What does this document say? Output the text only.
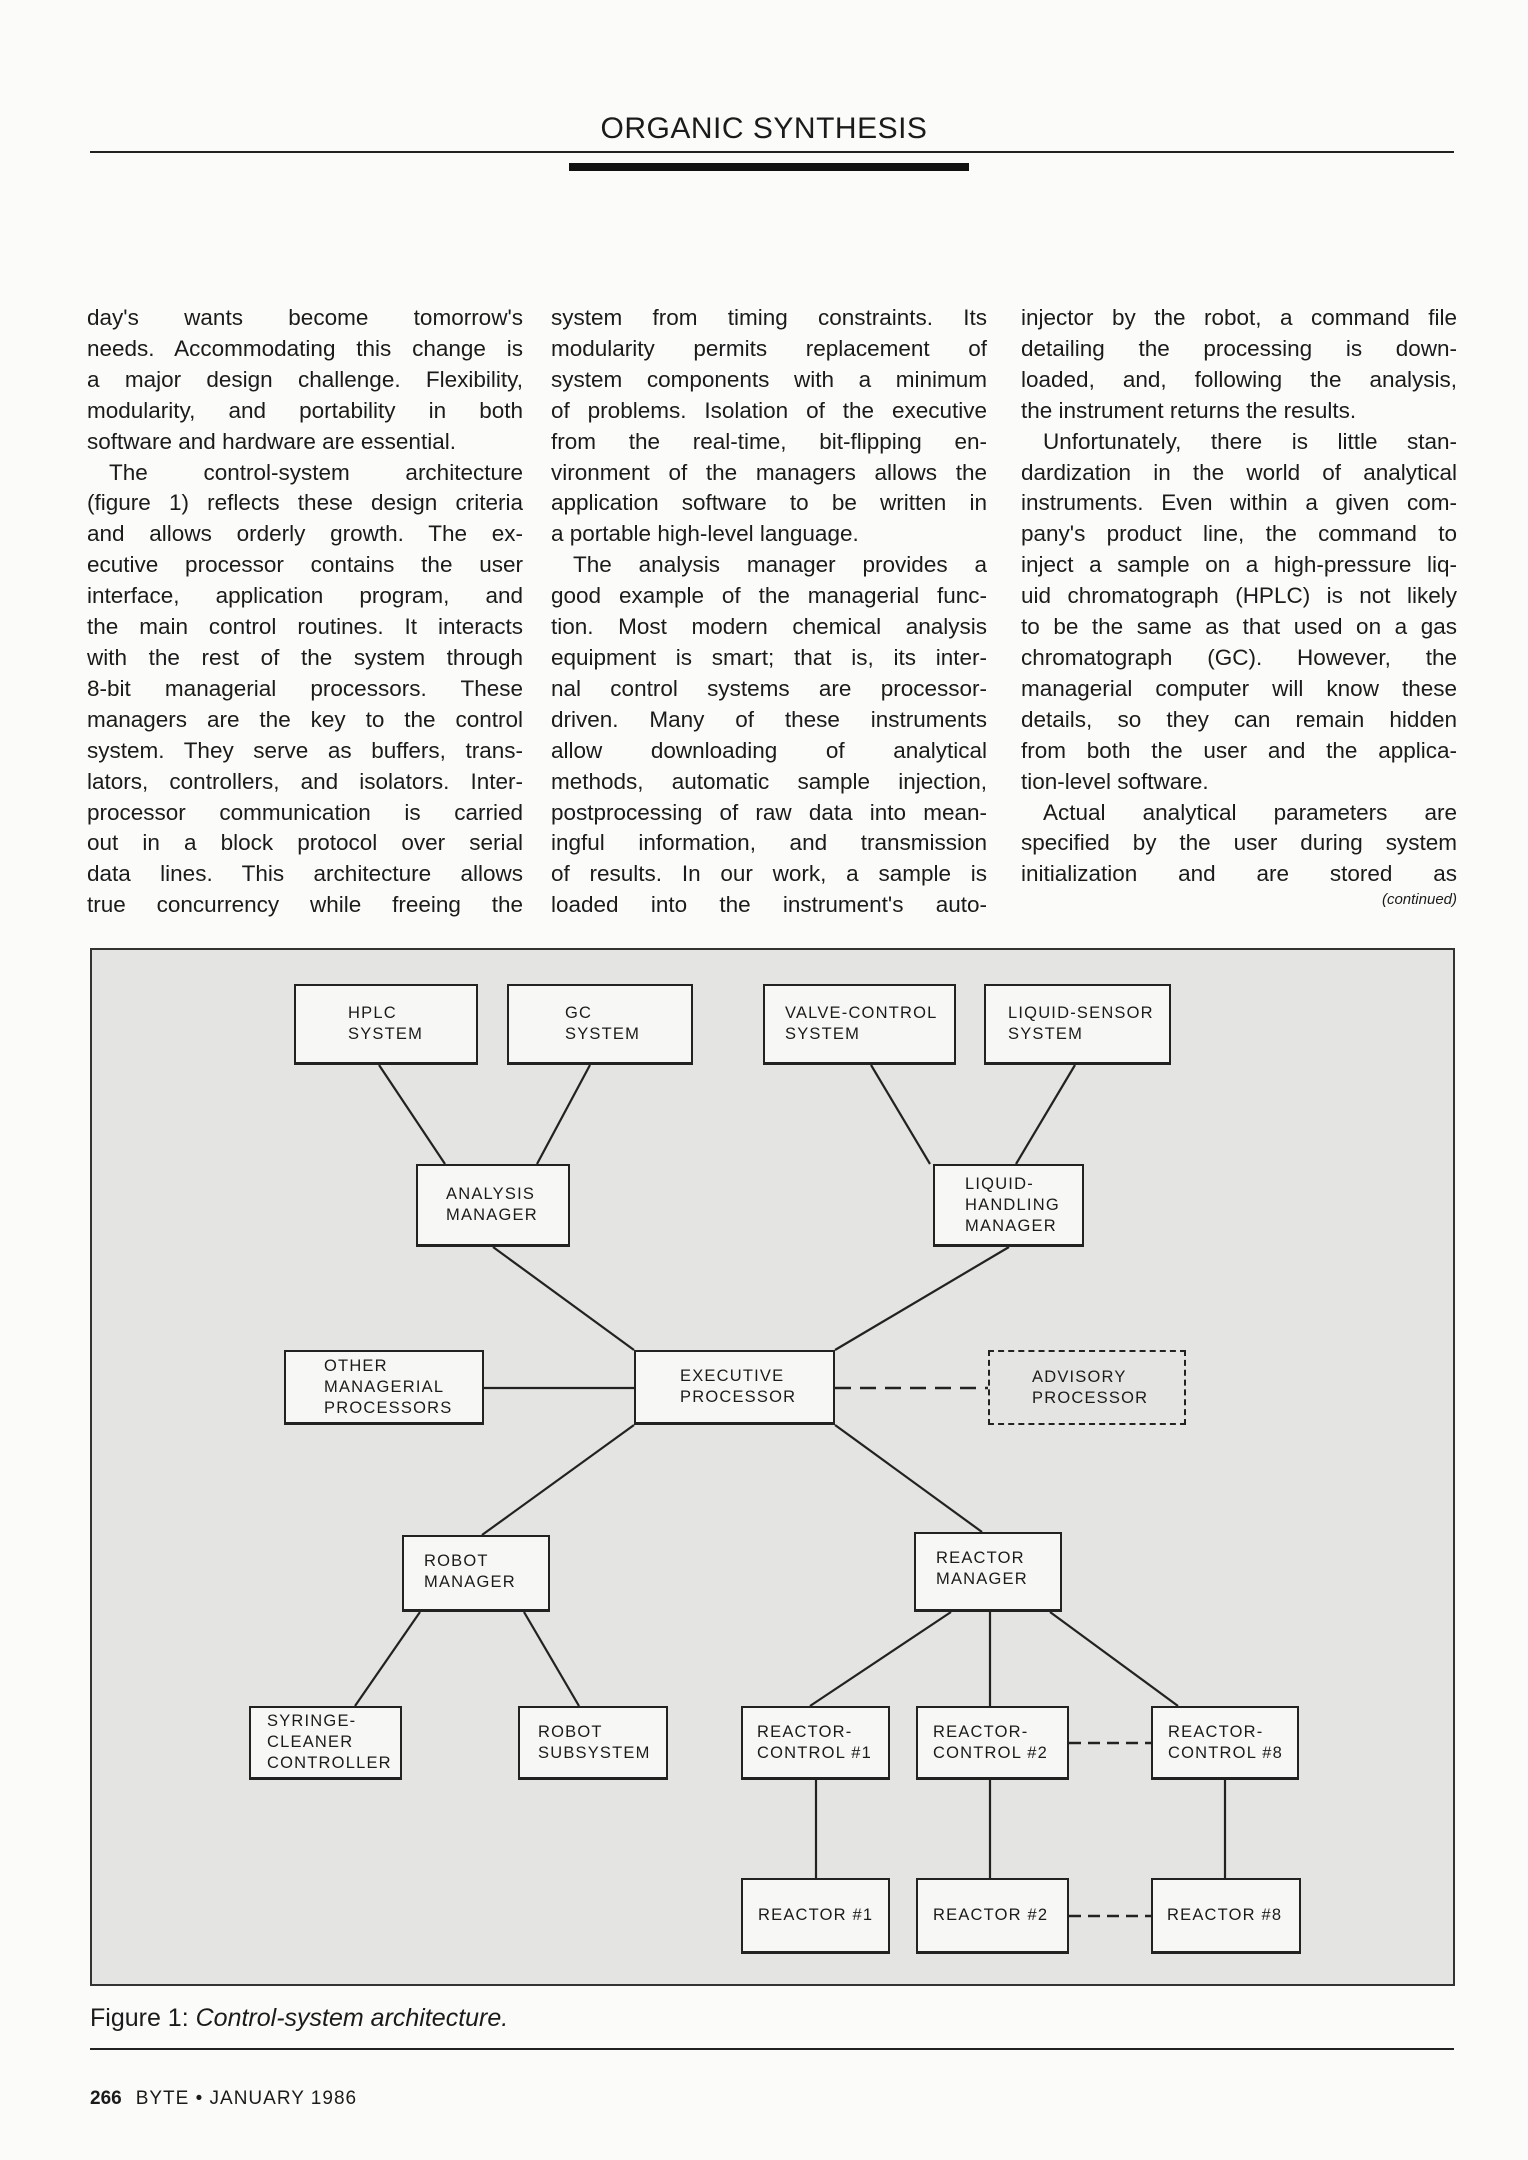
ORGANIC SYNTHESIS
day's wants become tomorrow's
needs. Accommodating this change is
a major design challenge. Flexibility,
modularity, and portability in both
software and hardware are essential.
The control-system architecture
(figure 1) reflects these design criteria
and allows orderly growth. The ex-
ecutive processor contains the user
interface, application program, and
the main control routines. It interacts
with the rest of the system through
8-bit managerial processors. These
managers are the key to the control
system. They serve as buffers, trans-
lators, controllers, and isolators. Inter-
processor communication is carried
out in a block protocol over serial
data lines. This architecture allows
true concurrency while freeing the
system from timing constraints. Its
modularity permits replacement of
system components with a minimum
of problems. Isolation of the executive
from the real-time, bit-flipping en-
vironment of the managers allows the
application software to be written in
a portable high-level language.
The analysis manager provides a
good example of the managerial func-
tion. Most modern chemical analysis
equipment is smart; that is, its inter-
nal control systems are processor-
driven. Many of these instruments
allow downloading of analytical
methods, automatic sample injection,
postprocessing of raw data into mean-
ingful information, and transmission
of results. In our work, a sample is
loaded into the instrument's auto-
injector by the robot, a command file
detailing the processing is down-
loaded, and, following the analysis,
the instrument returns the results.
Unfortunately, there is little stan-
dardization in the world of analytical
instruments. Even within a given com-
pany's product line, the command to
inject a sample on a high-pressure liq-
uid chromatograph (HPLC) is not likely
to be the same as that used on a gas
chromatograph (GC). However, the
managerial computer will know these
details, so they can remain hidden
from both the user and the applica-
tion-level software.
Actual analytical parameters are
specified by the user during system
initialization and are stored as
(continued)
HPLC
SYSTEM
GC
SYSTEM
VALVE-CONTROL
SYSTEM
LIQUID-SENSOR
SYSTEM
ANALYSIS
MANAGER
LIQUID-
HANDLING
MANAGER
OTHER
MANAGERIAL
PROCESSORS
EXECUTIVE
PROCESSOR
ADVISORY
PROCESSOR
ROBOT
MANAGER
REACTOR
MANAGER
SYRINGE-
CLEANER
CONTROLLER
ROBOT
SUBSYSTEM
REACTOR-
CONTROL #1
REACTOR-
CONTROL #2
REACTOR-
CONTROL #8
REACTOR #1	REACTOR #2	REACTOR #8
Figure 1: Control-system architecture.
266 BYTE • JANUARY 1986
